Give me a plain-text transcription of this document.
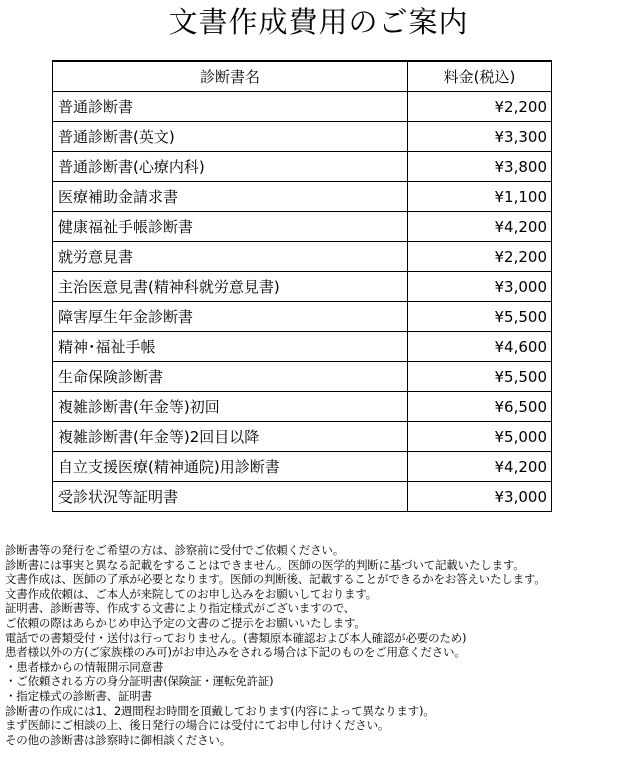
文書作成費用のご案内
診断書名	料金(税込)
普通診断書	¥2,200
普通診断書(英文)	¥3,300
普通診断書(心療内科)	¥3,800
医療補助金請求書	¥1,100
健康福祉手帳診断書	¥4,200
就労意見書	¥2,200
主治医意見書(精神科就労意見書)	¥3,000
障害厚生年金診断書	¥5,500
精神･福祉手帳	¥4,600
生命保険診断書	¥5,500
複雑診断書(年金等)初回	¥6,500
複雑診断書(年金等)2回目以降	¥5,000
自立支援医療(精神通院)用診断書	¥4,200
受診状況等証明書	¥3,000
診断書等の発行をご希望の方は、診察前に受付でご依頼ください。
診断書には事実と異なる記載をすることはできません。医師の医学的判断に基づいて記載いたします。
文書作成は、医師の了承が必要となります。医師の判断後、記載することができるかをお答えいたします。
文書作成依頼は、ご本人が来院してのお申し込みをお願いしております。
証明書、診断書等、作成する文書により指定様式がございますので、
ご依頼の際はあらかじめ申込予定の文書のご提示をお願いいたします。
電話での書類受付・送付は行っておりません。(書類原本確認および本人確認が必要のため)
患者様以外の方(ご家族様のみ可)がお申込みをされる場合は下記のものをご用意ください。
・患者様からの情報開示同意書
・ご依頼される方の身分証明書(保険証・運転免許証)
・指定様式の診断書、証明書
診断書の作成には1、2週間程お時間を頂戴しております(内容によって異なります)。
まず医師にご相談の上、後日発行の場合には受付にてお申し付けください。
その他の診断書は診察時に御相談ください。
